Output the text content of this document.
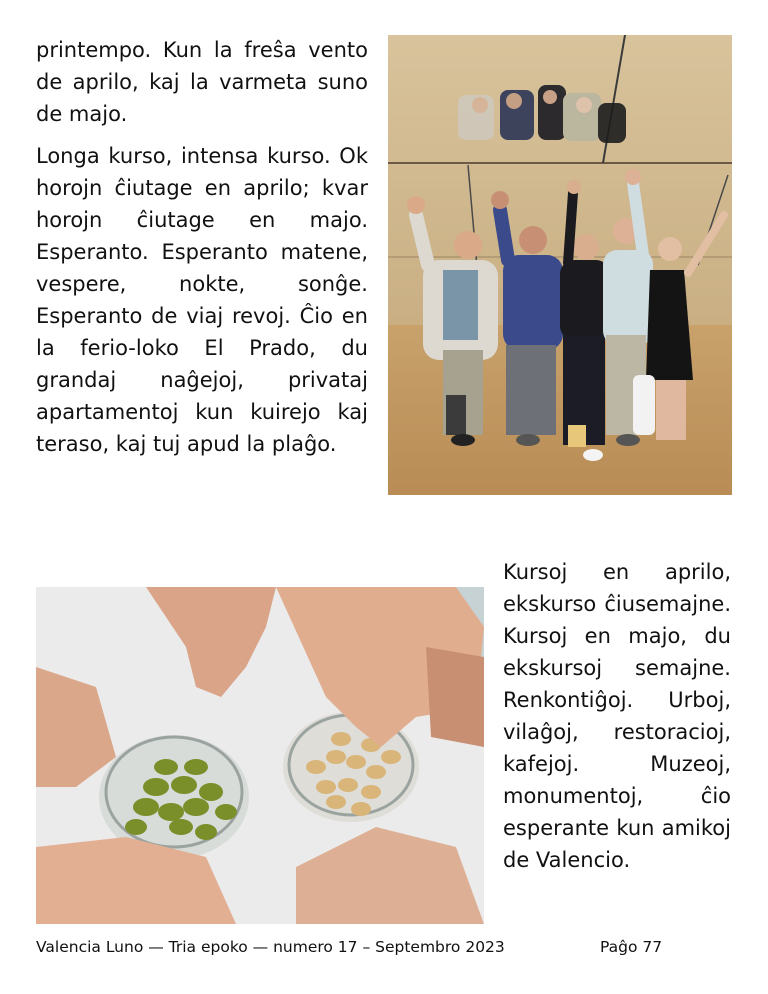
printempo. Kun la freŝa vento de aprilo, kaj la varmeta suno de majo.

Longa kurso, intensa kurso. Ok horojn ĉiutage en aprilo; kvar horojn ĉiutage en majo. Esperanto. Esperanto matene, vespere, nokte, sonĝe. Esperanto de viaj revoj. Ĉio en la ferio-loko El Prado, du grandaj naĝejoj, privataj apartamentoj kun kuirejo kaj teraso, kaj tuj apud la plaĝo.

Kursoj en aprilo, ekskurso ĉiusemajne. Kursoj en majo, du ekskursoj semajne. Renkontiĝoj. Urboj, vilaĝoj, restoracioj, kafejoj. Muzeoj, monumentoj, ĉio esperante kun amikoj de Valencio.

Valencia Luno — Tria epoko — numero 17 – Septembro 2023	Paĝo 77
